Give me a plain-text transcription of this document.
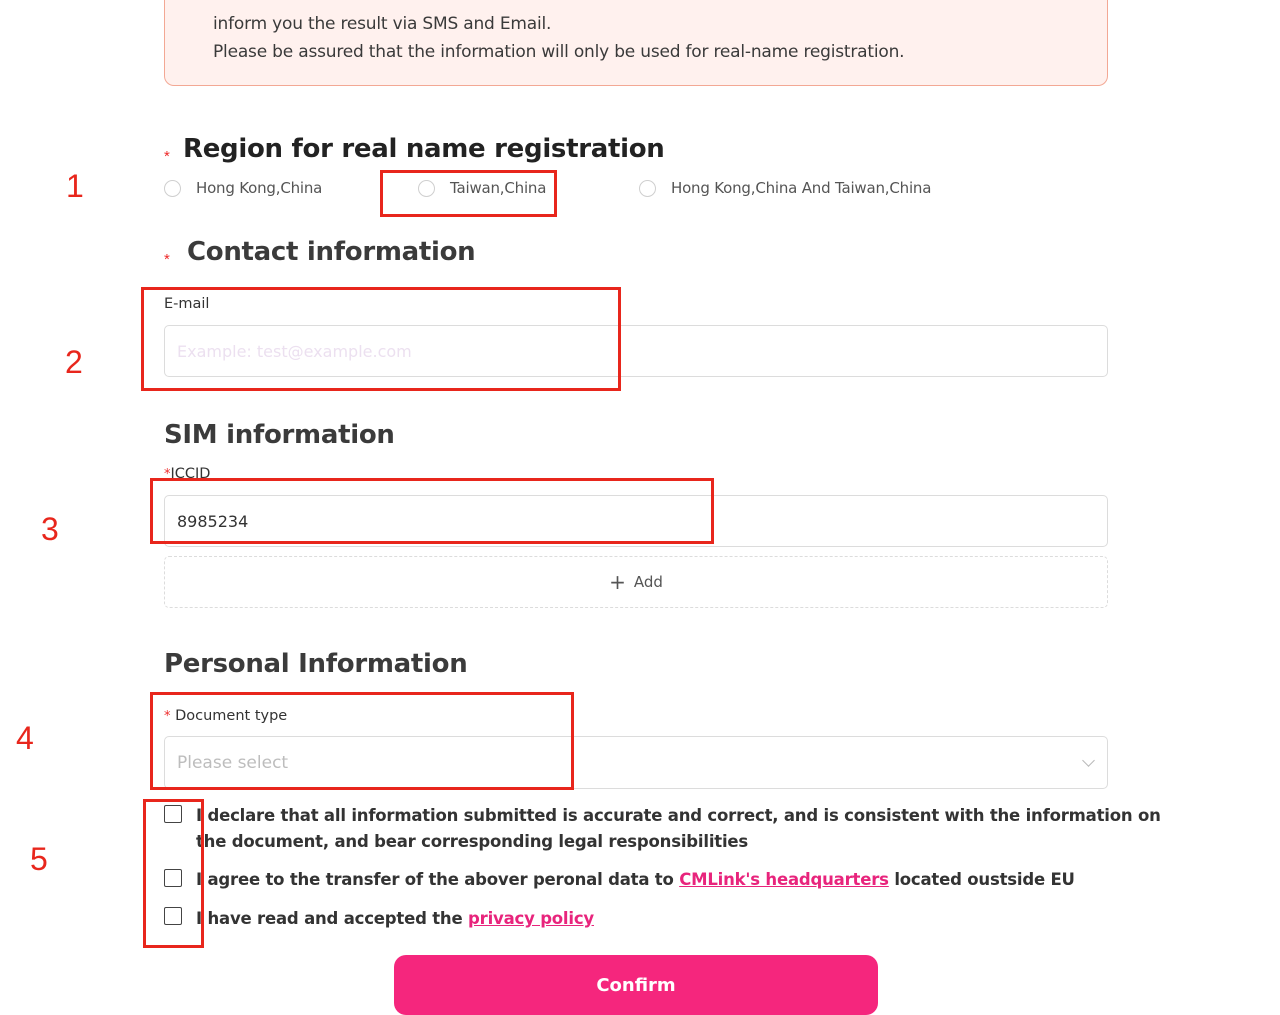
inform you the result via SMS and Email.
Please be assured that the information will only be used for real-name registration.
* Region for real name registration
Hong Kong,China	Taiwan,China	Hong Kong,China And Taiwan,China
* Contact information
E-mail
Example: test@example.com
SIM information
*ICCID
8985234
+ Add
Personal Information
* Document type
Please select
I declare that all information submitted is accurate and correct, and is consistent with the information on
the document, and bear corresponding legal responsibilities
I agree to the transfer of the abover peronal data to CMLink's headquarters located oustside EU
I have read and accepted the privacy policy
Confirm
1
2
3
4
5
